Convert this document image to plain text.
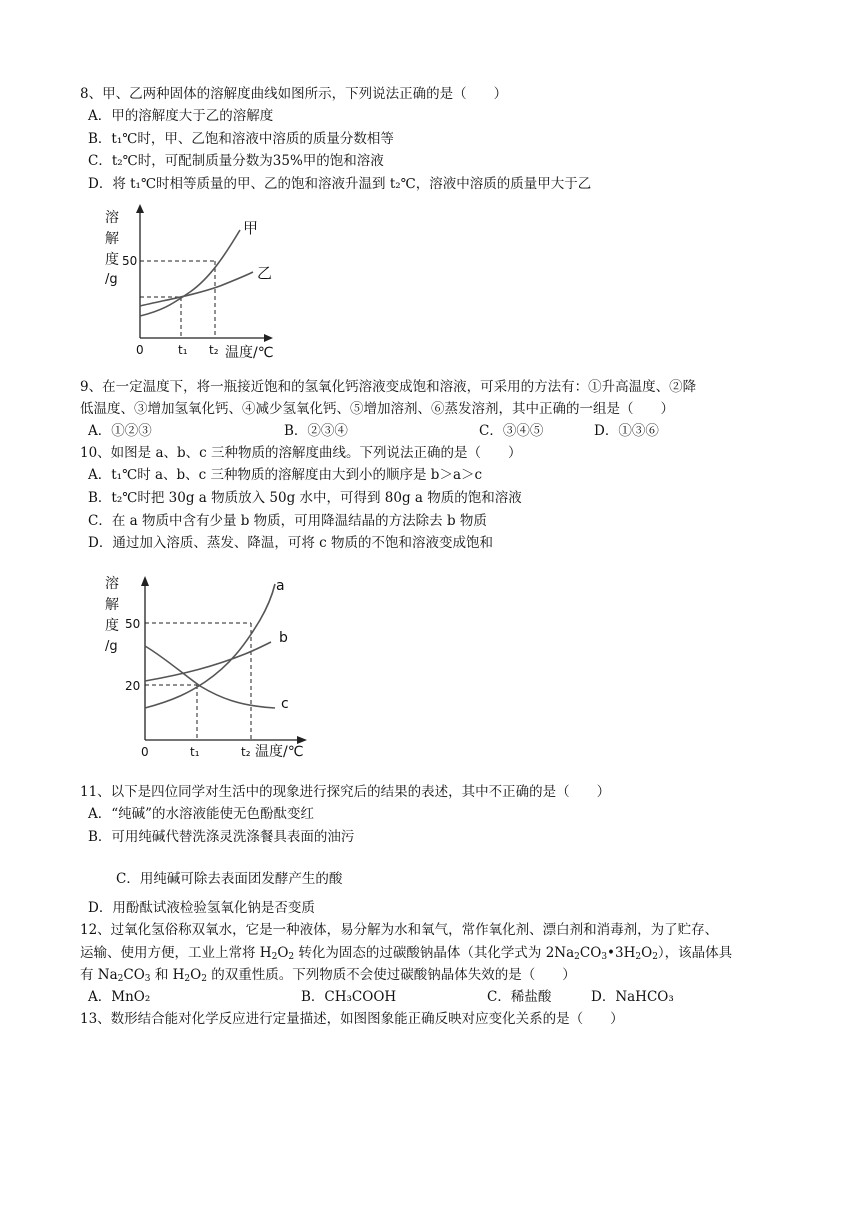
8、甲、乙两种固体的溶解度曲线如图所示，下列说法正确的是（　　）
A．甲的溶解度大于乙的溶解度
B．t₁℃时，甲、乙饱和溶液中溶质的质量分数相等
C．t₂℃时，可配制质量分数为35%甲的饱和溶液
D．将 t₁℃时相等质量的甲、乙的饱和溶液升温到 t₂℃，溶液中溶质的质量甲大于乙
溶
解
度
/g
50
0	t₁ t₂ 温度/℃
甲
乙
9、在一定温度下，将一瓶接近饱和的氢氧化钙溶液变成饱和溶液，可采用的方法有：①升高温度、②降
低温度、③增加氢氧化钙、④减少氢氧化钙、⑤增加溶剂、⑥蒸发溶剂，其中正确的一组是（　　）
A．①②③	B．②③④	C．③④⑤	D．①③⑥
10、如图是 a、b、c 三种物质的溶解度曲线。下列说法正确的是（　　）
A．t₁℃时 a、b、c 三种物质的溶解度由大到小的顺序是 b＞a＞c
B．t₂℃时把 30g a 物质放入 50g 水中，可得到 80g a 物质的饱和溶液
C．在 a 物质中含有少量 b 物质，可用降温结晶的方法除去 b 物质
D．通过加入溶质、蒸发、降温，可将 c 物质的不饱和溶液变成饱和
溶
解
度
/g
50
20
0	t₁	t₂ 温度/℃
a
b
c
11、以下是四位同学对生活中的现象进行探究后的结果的表述，其中不正确的是（　　）
A．“纯碱”的水溶液能使无色酚酞变红
B．可用纯碱代替洗涤灵洗涤餐具表面的油污
C．用纯碱可除去表面团发酵产生的酸
D．用酚酞试液检验氢氧化钠是否变质
12、过氧化氢俗称双氧水，它是一种液体，易分解为水和氧气，常作氧化剂、漂白剂和消毒剂，为了贮存、
运输、使用方便，工业上常将 $H_2O_2$ 转化为固态的过碳酸钠晶体（其化学式为 $2Na_2CO_3•3H_2O_2$），该晶体具
有 $Na_2CO_3$ 和 $H_2O_2$ 的双重性质。下列物质不会使过碳酸钠晶体失效的是（　　）
A．MnO₂	B．CH₃COOH	C．稀盐酸	D．NaHCO₃
13、数形结合能对化学反应进行定量描述，如图图象能正确反映对应变化关系的是（　　）
